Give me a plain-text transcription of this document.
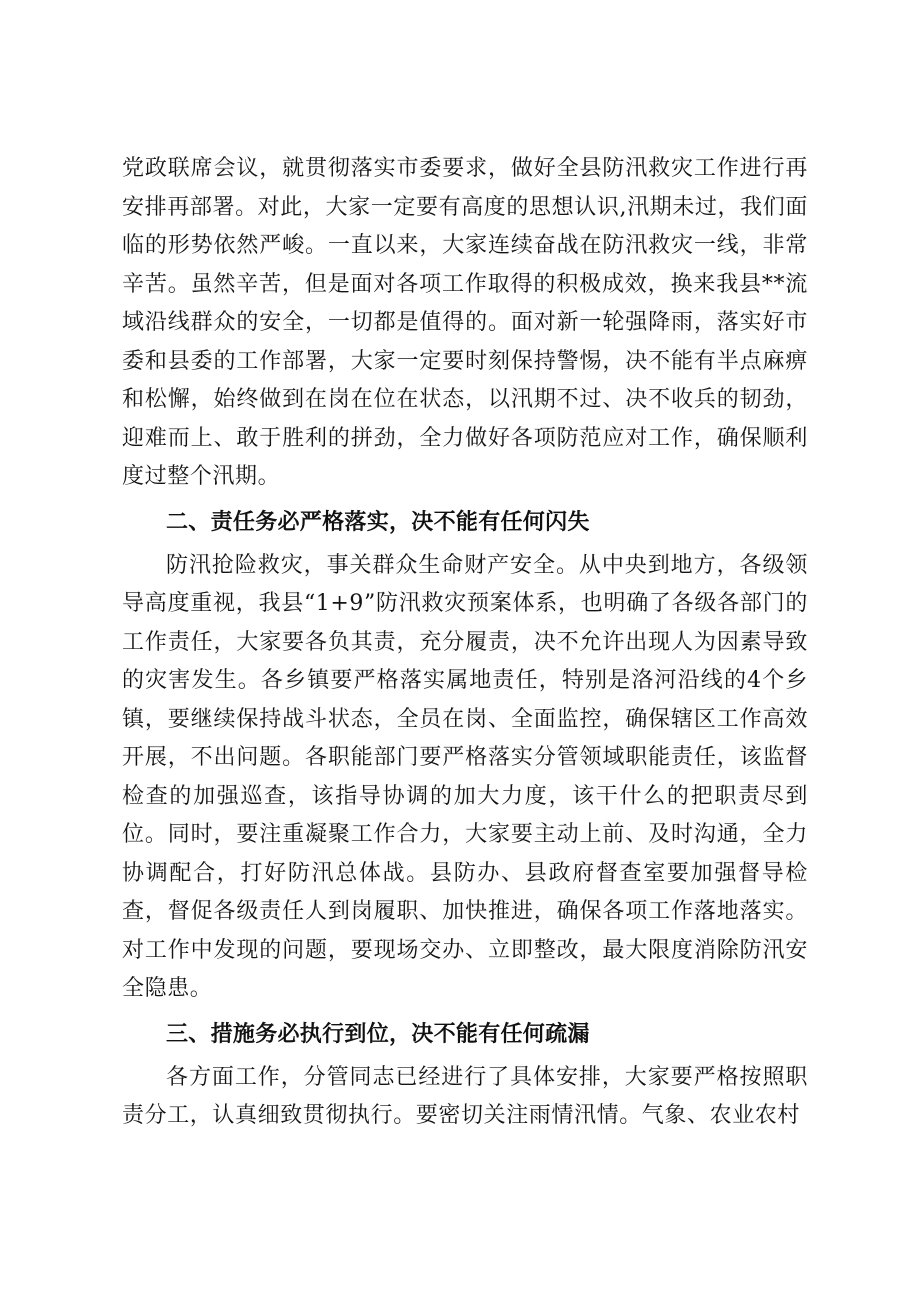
党政联席会议，就贯彻落实市委要求，做好全县防汛救灾工作进行再安排再部署。对此，大家一定要有高度的思想认识,汛期未过，我们面临的形势依然严峻。一直以来，大家连续奋战在防汛救灾一线，非常辛苦。虽然辛苦，但是面对各项工作取得的积极成效，换来我县**流域沿线群众的安全，一切都是值得的。面对新一轮强降雨，落实好市委和县委的工作部署，大家一定要时刻保持警惕，决不能有半点麻痹和松懈，始终做到在岗在位在状态，以汛期不过、决不收兵的韧劲，迎难而上、敢于胜利的拼劲，全力做好各项防范应对工作，确保顺利度过整个汛期。

二、责任务必严格落实，决不能有任何闪失

防汛抢险救灾，事关群众生命财产安全。从中央到地方，各级领导高度重视，我县“1+9”防汛救灾预案体系，也明确了各级各部门的工作责任，大家要各负其责，充分履责，决不允许出现人为因素导致的灾害发生。各乡镇要严格落实属地责任，特别是洛河沿线的4个乡镇，要继续保持战斗状态，全员在岗、全面监控，确保辖区工作高效开展，不出问题。各职能部门要严格落实分管领域职能责任，该监督检查的加强巡查，该指导协调的加大力度，该干什么的把职责尽到位。同时，要注重凝聚工作合力，大家要主动上前、及时沟通，全力协调配合，打好防汛总体战。县防办、县政府督查室要加强督导检查，督促各级责任人到岗履职、加快推进，确保各项工作落地落实。对工作中发现的问题，要现场交办、立即整改，最大限度消除防汛安全隐患。

三、措施务必执行到位，决不能有任何疏漏

各方面工作，分管同志已经进行了具体安排，大家要严格按照职责分工，认真细致贯彻执行。要密切关注雨情汛情。气象、农业农村
